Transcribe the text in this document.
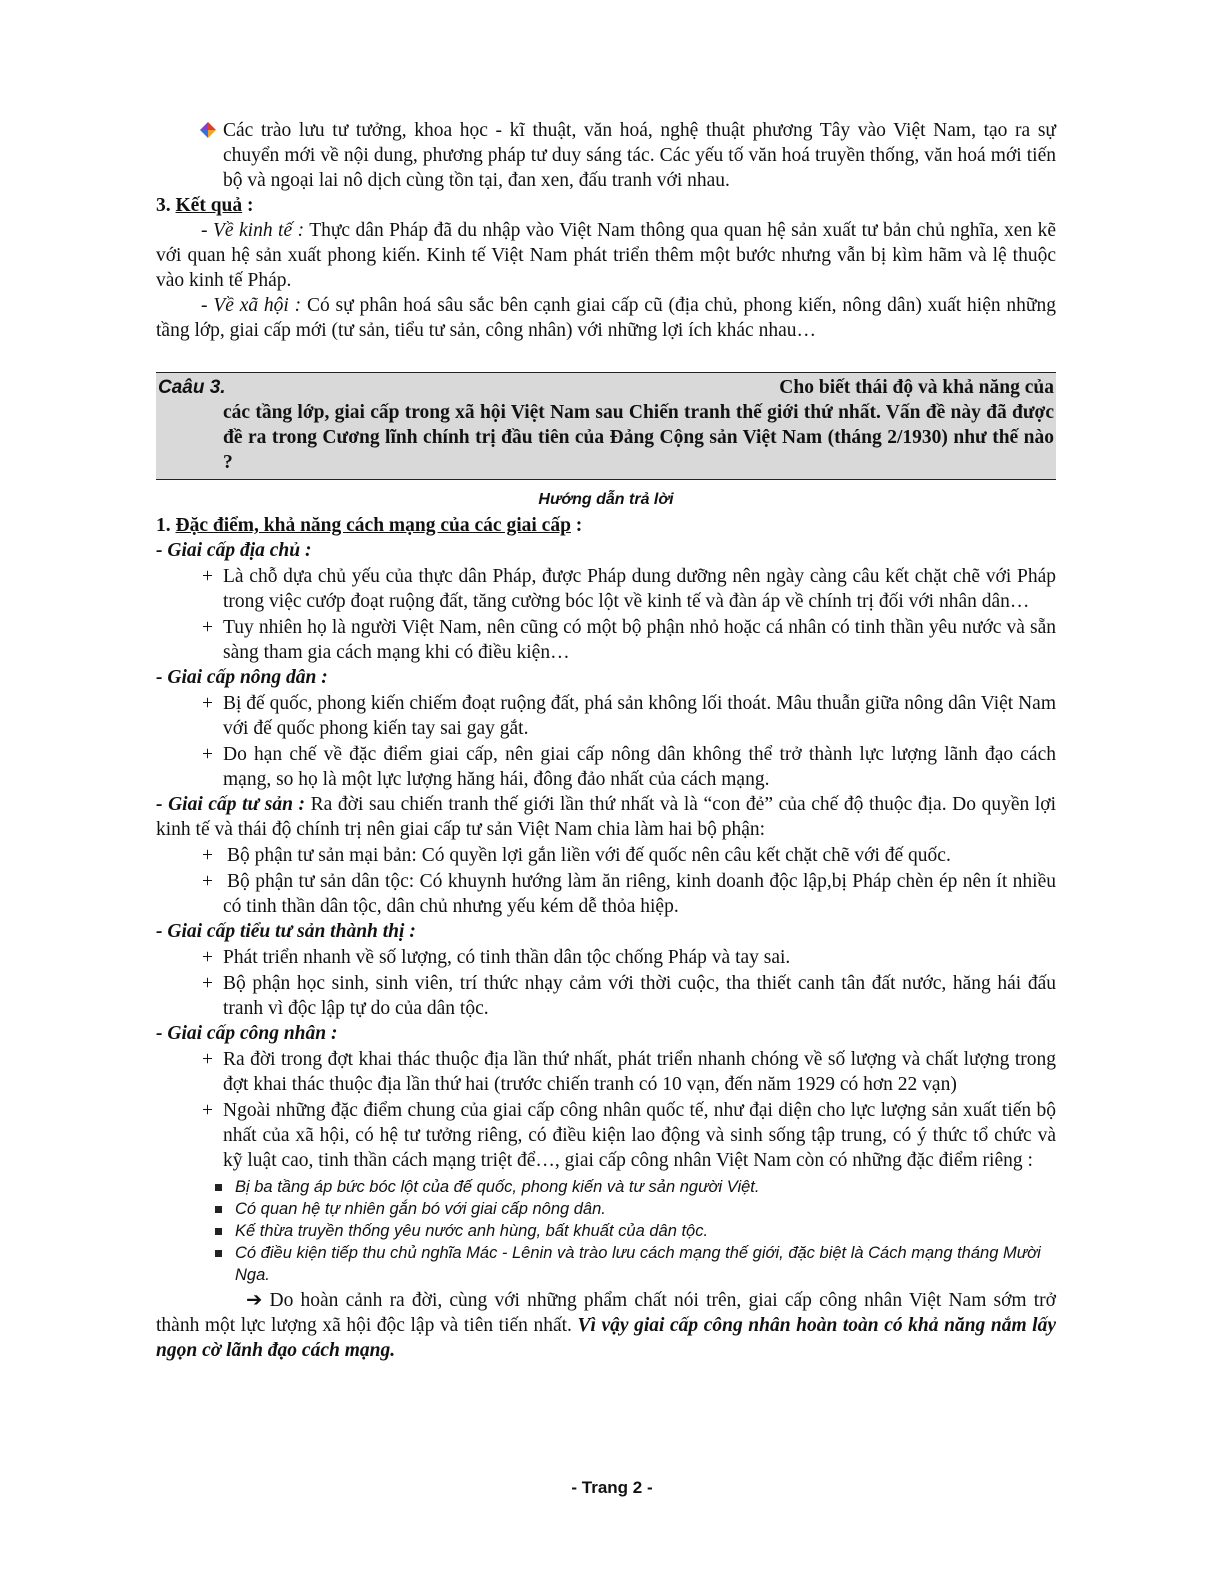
Các trào lưu tư tưởng, khoa học - kĩ thuật, văn hoá, nghệ thuật phương Tây vào Việt Nam, tạo ra sự chuyển mới về nội dung, phương pháp tư duy sáng tác. Các yếu tố văn hoá truyền thống, văn hoá mới tiến bộ và ngoại lai nô dịch cùng tồn tại, đan xen, đấu tranh với nhau.
3. Kết quả :
- Về kinh tế : Thực dân Pháp đã du nhập vào Việt Nam thông qua quan hệ sản xuất tư bản chủ nghĩa, xen kẽ với quan hệ sản xuất phong kiến. Kinh tế Việt Nam phát triển thêm một bước nhưng vẫn bị kìm hãm và lệ thuộc vào kinh tế Pháp.
- Về xã hội : Có sự phân hoá sâu sắc bên cạnh giai cấp cũ (địa chủ, phong kiến, nông dân) xuất hiện những tầng lớp, giai cấp mới (tư sản, tiểu tư sản, công nhân) với những lợi ích khác nhau…
Caâu 3.	Cho biết thái độ và khả năng của
các tầng lớp, giai cấp trong xã hội Việt Nam sau Chiến tranh thế giới thứ nhất. Vấn đề này đã được đề ra trong Cương lĩnh chính trị đầu tiên của Đảng Cộng sản Việt Nam (tháng 2/1930) như thế nào ?
Hướng dẫn trả lời
1. Đặc điểm, khả năng cách mạng của các giai cấp :
- Giai cấp địa chủ :
+ Là chỗ dựa chủ yếu của thực dân Pháp, được Pháp dung dưỡng nên ngày càng câu kết chặt chẽ với Pháp trong việc cướp đoạt ruộng đất, tăng cường bóc lột về kinh tế và đàn áp về chính trị đối với nhân dân…
+ Tuy nhiên họ là người Việt Nam, nên cũng có một bộ phận nhỏ hoặc cá nhân có tinh thần yêu nước và sẵn sàng tham gia cách mạng khi có điều kiện…
- Giai cấp nông dân :
+ Bị đế quốc, phong kiến chiếm đoạt ruộng đất, phá sản không lối thoát. Mâu thuẫn giữa nông dân Việt Nam với đế quốc phong kiến tay sai gay gắt.
+ Do hạn chế về đặc điểm giai cấp, nên giai cấp nông dân không thể trở thành lực lượng lãnh đạo cách mạng, so họ là một lực lượng hăng hái, đông đảo nhất của cách mạng.
- Giai cấp tư sản : Ra đời sau chiến tranh thế giới lần thứ nhất và là “con đẻ” của chế độ thuộc địa. Do quyền lợi kinh tế và thái độ chính trị nên giai cấp tư sản Việt Nam chia làm hai bộ phận:
+ Bộ phận tư sản mại bản: Có quyền lợi gắn liền với đế quốc nên câu kết chặt chẽ với đế quốc.
+ Bộ phận tư sản dân tộc: Có khuynh hướng làm ăn riêng, kinh doanh độc lập,bị Pháp chèn ép nên ít nhiều có tinh thần dân tộc, dân chủ nhưng yếu kém dễ thỏa hiệp.
- Giai cấp tiểu tư sản thành thị :
+ Phát triển nhanh về số lượng, có tinh thần dân tộc chống Pháp và tay sai.
+ Bộ phận học sinh, sinh viên, trí thức nhạy cảm với thời cuộc, tha thiết canh tân đất nước, hăng hái đấu tranh vì độc lập tự do của dân tộc.
- Giai cấp công nhân :
+ Ra đời trong đợt khai thác thuộc địa lần thứ nhất, phát triển nhanh chóng về số lượng và chất lượng trong đợt khai thác thuộc địa lần thứ hai (trước chiến tranh có 10 vạn, đến năm 1929 có hơn 22 vạn)
+ Ngoài những đặc điểm chung của giai cấp công nhân quốc tế, như đại diện cho lực lượng sản xuất tiến bộ nhất của xã hội, có hệ tư tưởng riêng, có điều kiện lao động và sinh sống tập trung, có ý thức tổ chức và kỹ luật cao, tinh thần cách mạng triệt để…, giai cấp công nhân Việt Nam còn có những đặc điểm riêng :
Bị ba tầng áp bức bóc lột của đế quốc, phong kiến và tư sản người Việt.
Có quan hệ tự nhiên gắn bó với giai cấp nông dân.
Kế thừa truyền thống yêu nước anh hùng, bất khuất của dân tộc.
Có điều kiện tiếp thu chủ nghĩa Mác - Lênin và trào lưu cách mạng thế giới, đặc biệt là Cách mạng tháng Mười Nga.
➔ Do hoàn cảnh ra đời, cùng với những phẩm chất nói trên, giai cấp công nhân Việt Nam sớm trở thành một lực lượng xã hội độc lập và tiên tiến nhất. Vì vậy giai cấp công nhân hoàn toàn có khả năng nắm lấy ngọn cờ lãnh đạo cách mạng.
- Trang 2 -
